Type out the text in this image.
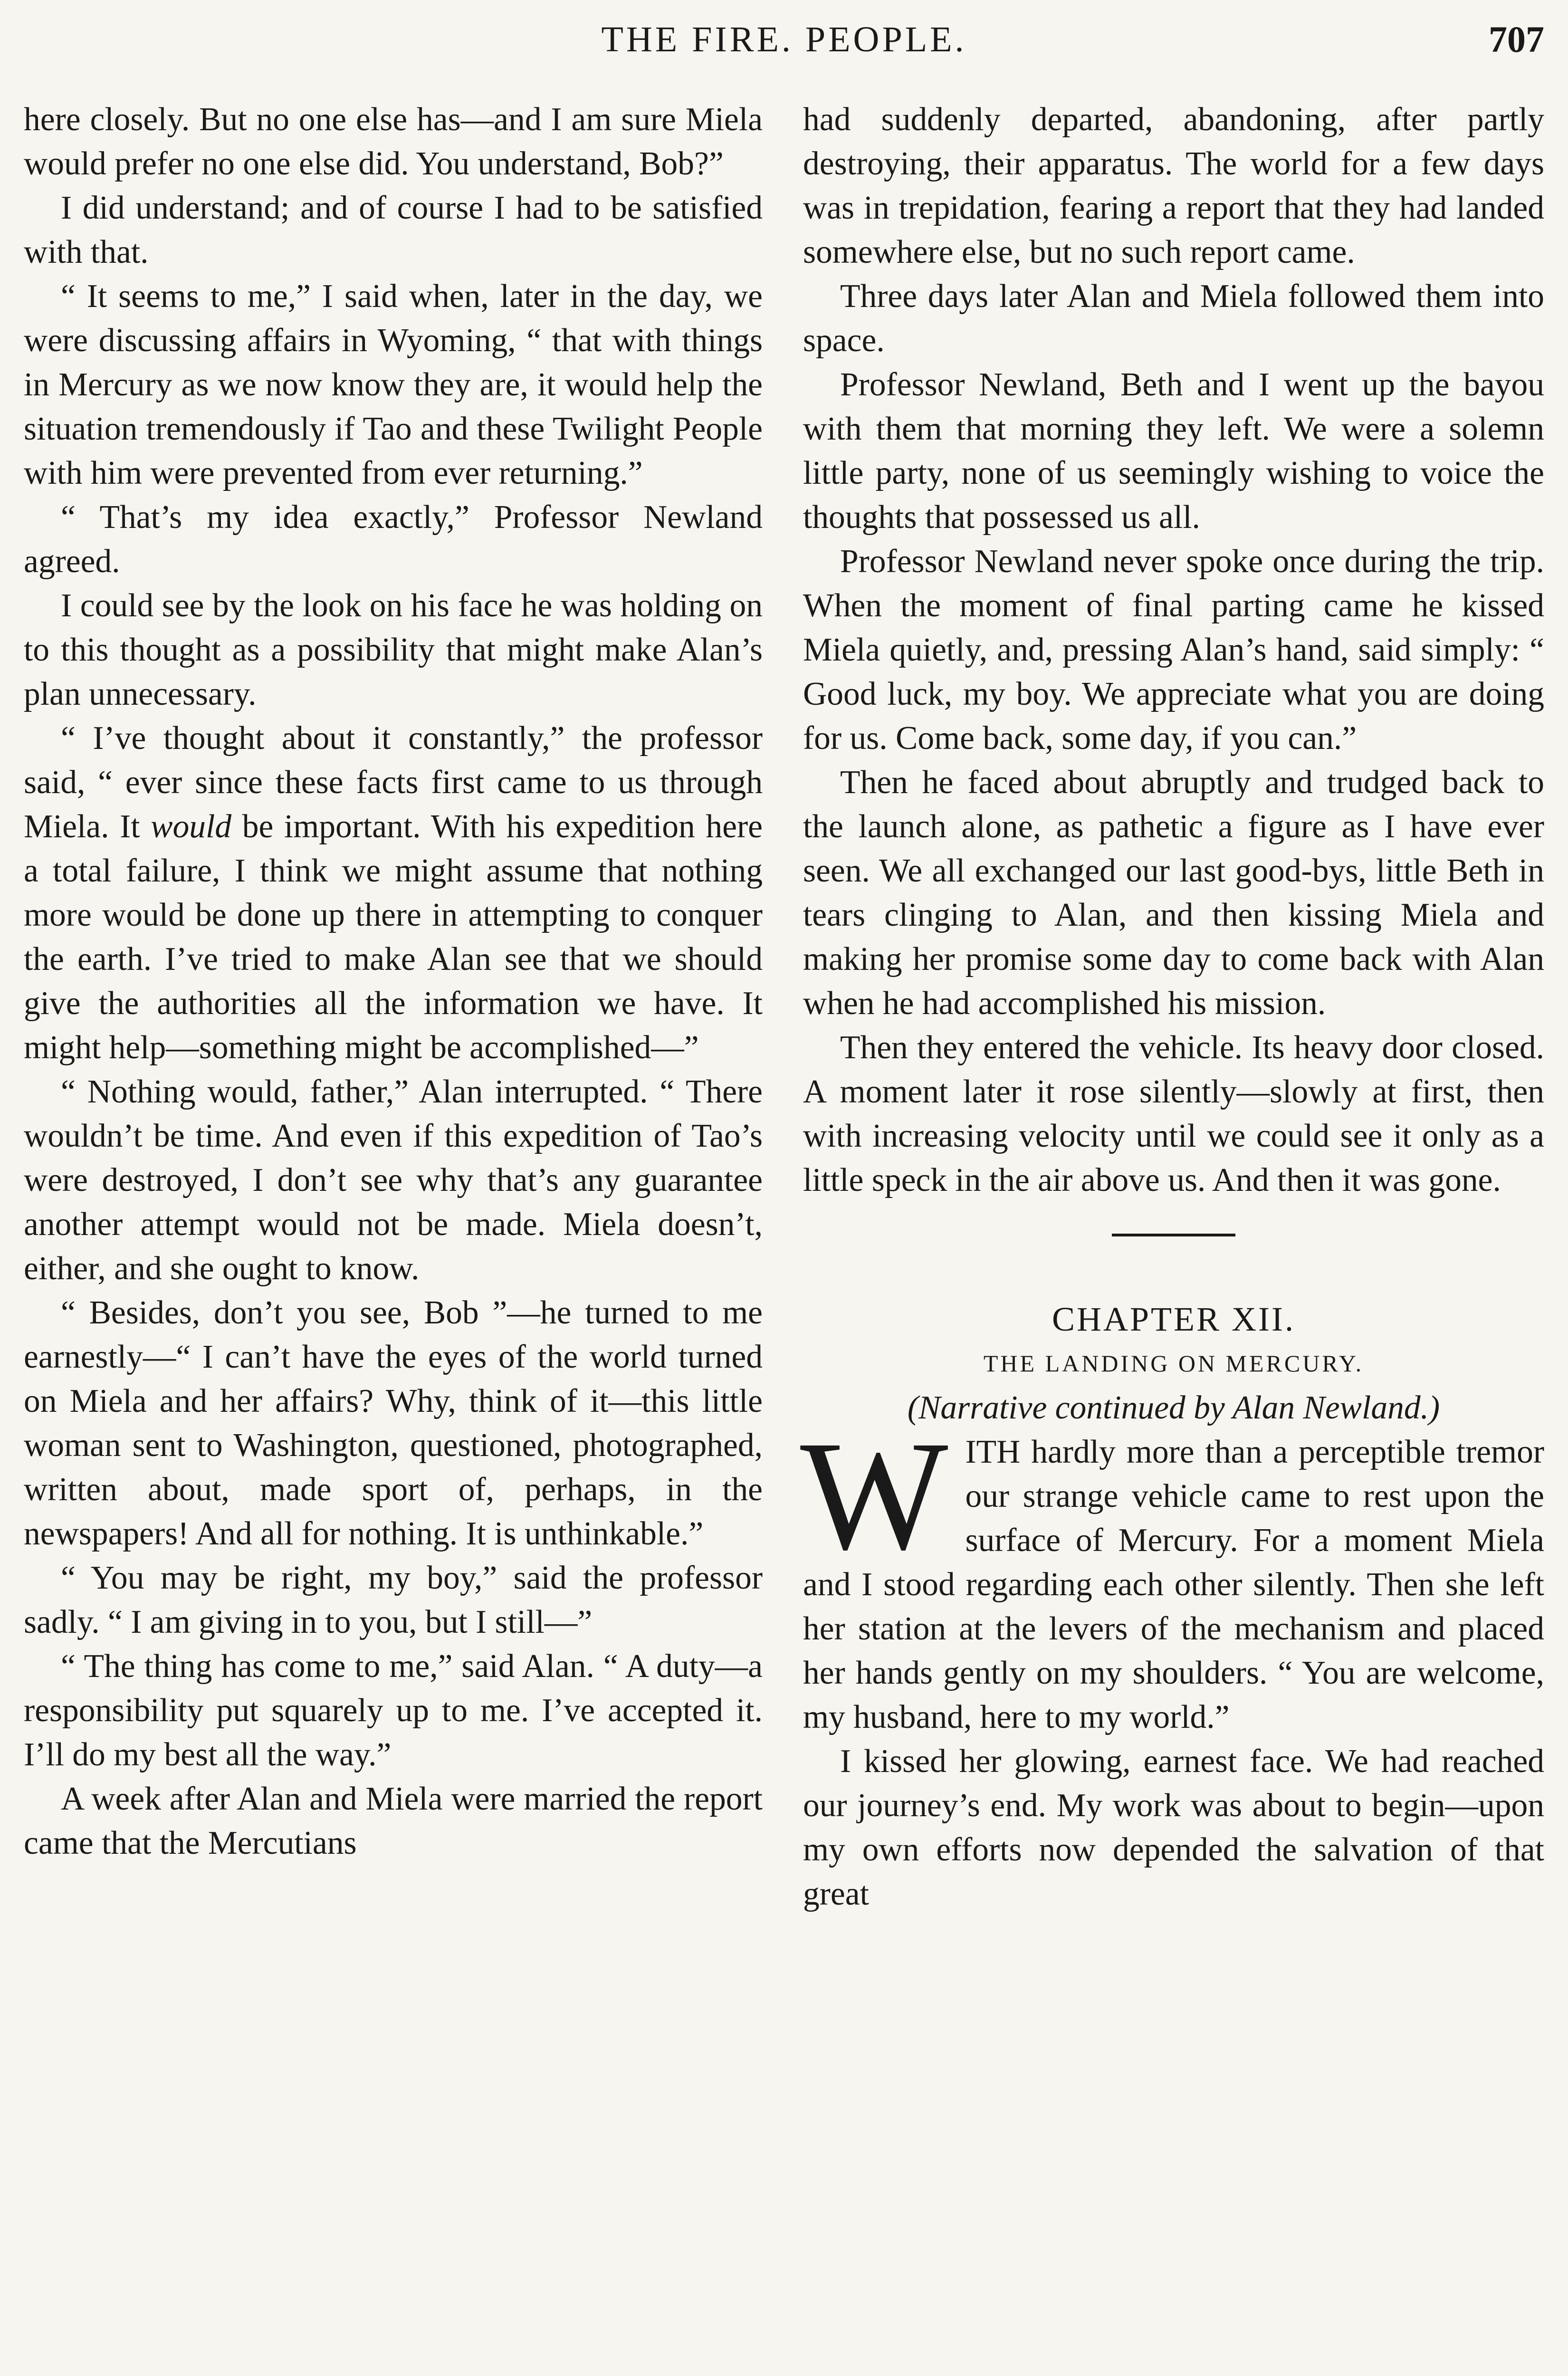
THE FIRE. PEOPLE.	707

here closely. But no one else has—and I am sure Miela would prefer no one else did. You understand, Bob?”

I did understand; and of course I had to be satisfied with that.

“ It seems to me,” I said when, later in the day, we were discussing affairs in Wyoming, “ that with things in Mercury as we now know they are, it would help the situation tremendously if Tao and these Twilight People with him were prevented from ever returning.”

“ That’s my idea exactly,” Professor Newland agreed.

I could see by the look on his face he was holding on to this thought as a possibility that might make Alan’s plan unnecessary.

“ I’ve thought about it constantly,” the professor said, “ ever since these facts first came to us through Miela. It would be important. With his expedition here a total failure, I think we might assume that nothing more would be done up there in attempting to conquer the earth. I’ve tried to make Alan see that we should give the authorities all the information we have. It might help—something might be accomplished—”

“ Nothing would, father,” Alan interrupted. “ There wouldn’t be time. And even if this expedition of Tao’s were destroyed, I don’t see why that’s any guarantee another attempt would not be made. Miela doesn’t, either, and she ought to know.

“ Besides, don’t you see, Bob ”—he turned to me earnestly—“ I can’t have the eyes of the world turned on Miela and her affairs? Why, think of it—this little woman sent to Washington, questioned, photographed, written about, made sport of, perhaps, in the newspapers! And all for nothing. It is unthinkable.”

“ You may be right, my boy,” said the professor sadly. “ I am giving in to you, but I still—”

“ The thing has come to me,” said Alan. “ A duty—a responsibility put squarely up to me. I’ve accepted it. I’ll do my best all the way.”

A week after Alan and Miela were married the report came that the Mercutians

had suddenly departed, abandoning, after partly destroying, their apparatus. The world for a few days was in trepidation, fearing a report that they had landed somewhere else, but no such report came.

Three days later Alan and Miela followed them into space.

Professor Newland, Beth and I went up the bayou with them that morning they left. We were a solemn little party, none of us seemingly wishing to voice the thoughts that possessed us all.

Professor Newland never spoke once during the trip. When the moment of final parting came he kissed Miela quietly, and, pressing Alan’s hand, said simply: “ Good luck, my boy. We appreciate what you are doing for us. Come back, some day, if you can.”

Then he faced about abruptly and trudged back to the launch alone, as pathetic a figure as I have ever seen. We all exchanged our last good-bys, little Beth in tears clinging to Alan, and then kissing Miela and making her promise some day to come back with Alan when he had accomplished his mission.

Then they entered the vehicle. Its heavy door closed. A moment later it rose silently—slowly at first, then with increasing velocity until we could see it only as a little speck in the air above us. And then it was gone.

CHAPTER XII.

THE LANDING ON MERCURY.

(Narrative continued by Alan Newland.)

WITH hardly more than a perceptible tremor our strange vehicle came to rest upon the surface of Mercury. For a moment Miela and I stood regarding each other silently. Then she left her station at the levers of the mechanism and placed her hands gently on my shoulders. “ You are welcome, my husband, here to my world.”

I kissed her glowing, earnest face. We had reached our journey’s end. My work was about to begin—upon my own efforts now depended the salvation of that great
